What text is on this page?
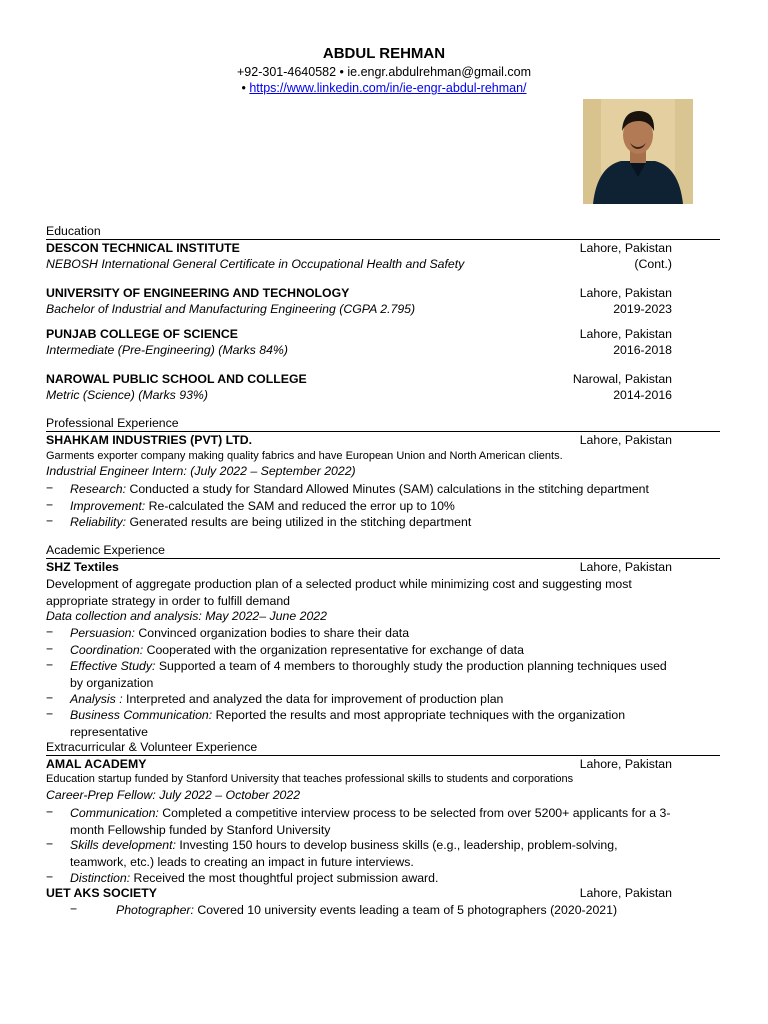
ABDUL REHMAN
+92-301-4640582 • ie.engr.abdulrehman@gmail.com
• https://www.linkedin.com/in/ie-engr-abdul-rehman/
Education
DESCON TECHNICAL INSTITUTE	Lahore, Pakistan
NEBOSH International General Certificate in Occupational Health and Safety	(Cont.)
UNIVERSITY OF ENGINEERING AND TECHNOLOGY	Lahore, Pakistan
Bachelor of Industrial and Manufacturing Engineering (CGPA 2.795)	2019-2023
PUNJAB COLLEGE OF SCIENCE	Lahore, Pakistan
Intermediate (Pre-Engineering) (Marks 84%)	2016-2018
NAROWAL PUBLIC SCHOOL AND COLLEGE	Narowal, Pakistan
Metric (Science) (Marks 93%)	2014-2016
Professional Experience
SHAHKAM INDUSTRIES (PVT) LTD.	Lahore, Pakistan
Garments exporter company making quality fabrics and have European Union and North American clients.
Industrial Engineer Intern: (July 2022 – September 2022)
−	Research: Conducted a study for Standard Allowed Minutes (SAM) calculations in the stitching department
−	Improvement: Re-calculated the SAM and reduced the error up to 10%
−	Reliability: Generated results are being utilized in the stitching department
Academic Experience
SHZ Textiles	Lahore, Pakistan
Development of aggregate production plan of a selected product while minimizing cost and suggesting most appropriate strategy in order to fulfill demand
Data collection and analysis: May 2022– June 2022
−	Persuasion: Convinced organization bodies to share their data
−	Coordination: Cooperated with the organization representative for exchange of data
−	Effective Study: Supported a team of 4 members to thoroughly study the production planning techniques used by organization
−	Analysis : Interpreted and analyzed the data for improvement of production plan
−	Business Communication: Reported the results and most appropriate techniques with the organization representative
Extracurricular & Volunteer Experience
AMAL ACADEMY	Lahore, Pakistan
Education startup funded by Stanford University that teaches professional skills to students and corporations
Career-Prep Fellow: July 2022 – October 2022
−	Communication: Completed a competitive interview process to be selected from over 5200+ applicants for a 3-month Fellowship funded by Stanford University
−	Skills development: Investing 150 hours to develop business skills (e.g., leadership, problem-solving, teamwork, etc.) leads to creating an impact in future interviews.
−	Distinction: Received the most thoughtful project submission award.
UET AKS SOCIETY	Lahore, Pakistan
−	Photographer: Covered 10 university events leading a team of 5 photographers (2020-2021)
